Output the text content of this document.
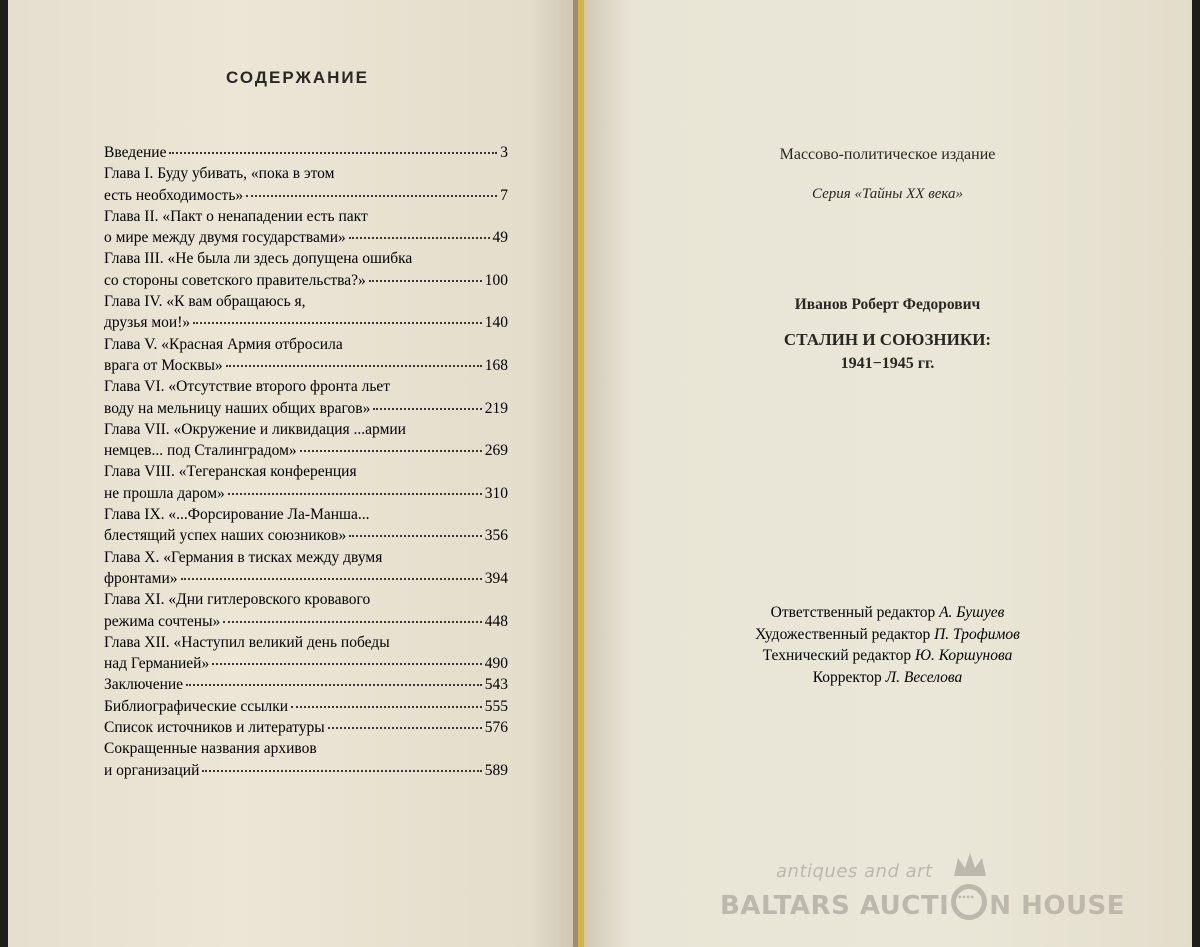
СОДЕРЖАНИЕ
Введение	3
Глава I. Буду убивать, «пока в этом
есть необходимость»	7
Глава II. «Пакт о ненападении есть пакт
о мире между двумя государствами»	49
Глава III. «Не была ли здесь допущена ошибка
со стороны советского правительства?»	100
Глава IV. «К вам обращаюсь я,
друзья мои!»	140
Глава V. «Красная Армия отбросила
врага от Москвы»	168
Глава VI. «Отсутствие второго фронта льет
воду на мельницу наших общих врагов»	219
Глава VII. «Окружение и ликвидация ...армии
немцев... под Сталинградом»	269
Глава VIII. «Тегеранская конференция
не прошла даром»	310
Глава IX. «...Форсирование Ла-Манша...
блестящий успех наших союзников»	356
Глава X. «Германия в тисках между двумя
фронтами»	394
Глава XI. «Дни гитлеровского кровавого
режима сочтены»	448
Глава XII. «Наступил великий день победы
над Германией»	490
Заключение	543
Библиографические ссылки	555
Список источников и литературы	576
Сокращенные названия архивов
и организаций	589
Массово-политическое издание
Серия «Тайны ХХ века»
Иванов Роберт Федорович
СТАЛИН И СОЮЗНИКИ:
1941−1945 гг.
Ответственный редактор А. Бушуев
Художественный редактор П. Трофимов
Технический редактор Ю. Коршунова
Корректор Л. Веселова
antiques and art
BALTARS AUCTI •••• N HOUSE
